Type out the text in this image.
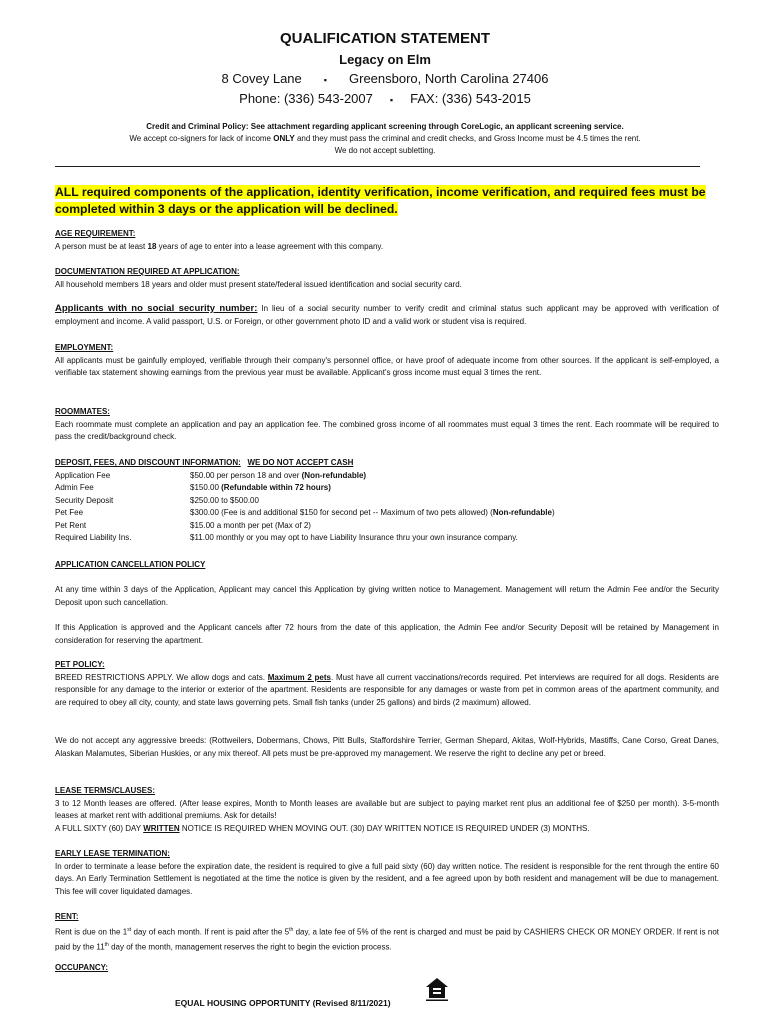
QUALIFICATION STATEMENT
Legacy on Elm
8 Covey Lane ▪ Greensboro, North Carolina 27406
Phone: (336) 543-2007 ▪ FAX: (336) 543-2015
Credit and Criminal Policy: See attachment regarding applicant screening through CoreLogic, an applicant screening service.
We accept co-signers for lack of income ONLY and they must pass the criminal and credit checks, and Gross Income must be 4.5 times the rent.
We do not accept subletting.
ALL required components of the application, identity verification, income verification, and required fees must be completed within 3 days or the application will be declined.
AGE REQUIREMENT:
A person must be at least 18 years of age to enter into a lease agreement with this company.
DOCUMENTATION REQUIRED AT APPLICATION:
All household members 18 years and older must present state/federal issued identification and social security card.
Applicants with no social security number: In lieu of a social security number to verify credit and criminal status such applicant may be approved with verification of employment and income. A valid passport, U.S. or Foreign, or other government photo ID and a valid work or student visa is required.
EMPLOYMENT:
All applicants must be gainfully employed, verifiable through their company's personnel office, or have proof of adequate income from other sources. If the applicant is self-employed, a verifiable tax statement showing earnings from the previous year must be available. Applicant's gross income must equal 3 times the rent.
ROOMMATES:
Each roommate must complete an application and pay an application fee. The combined gross income of all roommates must equal 3 times the rent. Each roommate will be required to pass the credit/background check.
DEPOSIT, FEES, AND DISCOUNT INFORMATION: WE DO NOT ACCEPT CASH
Application Fee	$50.00 per person 18 and over (Non-refundable)
Admin Fee	$150.00 (Refundable within 72 hours)
Security Deposit	$250.00 to $500.00
Pet Fee	$300.00 (Fee is and additional $150 for second pet -- Maximum of two pets allowed) (Non-refundable)
Pet Rent	$15.00 a month per pet (Max of 2)
Required Liability Ins.	$11.00 monthly or you may opt to have Liability Insurance thru your own insurance company.
APPLICATION CANCELLATION POLICY
At any time within 3 days of the Application, Applicant may cancel this Application by giving written notice to Management. Management will return the Admin Fee and/or the Security Deposit upon such cancellation.
If this Application is approved and the Applicant cancels after 72 hours from the date of this application, the Admin Fee and/or Security Deposit will be retained by Management in consideration for reserving the apartment.
PET POLICY:
BREED RESTRICTIONS APPLY. We allow dogs and cats. Maximum 2 pets. Must have all current vaccinations/records required. Pet interviews are required for all dogs. Residents are responsible for any damage to the interior or exterior of the apartment. Residents are responsible for any damages or waste from pet in common areas of the apartment community, and are required to obey all city, county, and state laws governing pets. Small fish tanks (under 25 gallons) and birds (2 maximum) allowed.
We do not accept any aggressive breeds: (Rottweilers, Dobermans, Chows, Pitt Bulls, Staffordshire Terrier, German Shepard, Akitas, Wolf-Hybrids, Mastiffs, Cane Corso, Great Danes, Alaskan Malamutes, Siberian Huskies, or any mix thereof. All pets must be pre-approved my management. We reserve the right to decline any pet or breed.
LEASE TERMS/CLAUSES:
3 to 12 Month leases are offered. (After lease expires, Month to Month leases are available but are subject to paying market rent plus an additional fee of $250 per month). 3-5-month leases at market rent with additional premiums. Ask for details!
A FULL SIXTY (60) DAY WRITTEN NOTICE IS REQUIRED WHEN MOVING OUT. (30) DAY WRITTEN NOTICE IS REQUIRED UNDER (3) MONTHS.
EARLY LEASE TERMINATION:
In order to terminate a lease before the expiration date, the resident is required to give a full paid sixty (60) day written notice. The resident is responsible for the rent through the entire 60 days. An Early Termination Settlement is negotiated at the time the notice is given by the resident, and a fee agreed upon by both resident and management will be due to management. This fee will cover liquidated damages.
RENT:
Rent is due on the 1st day of each month. If rent is paid after the 5th day, a late fee of 5% of the rent is charged and must be paid by CASHIERS CHECK OR MONEY ORDER. If rent is not paid by the 11th day of the month, management reserves the right to begin the eviction process.
OCCUPANCY:
EQUAL HOUSING OPPORTUNITY (Revised 8/11/2021)
